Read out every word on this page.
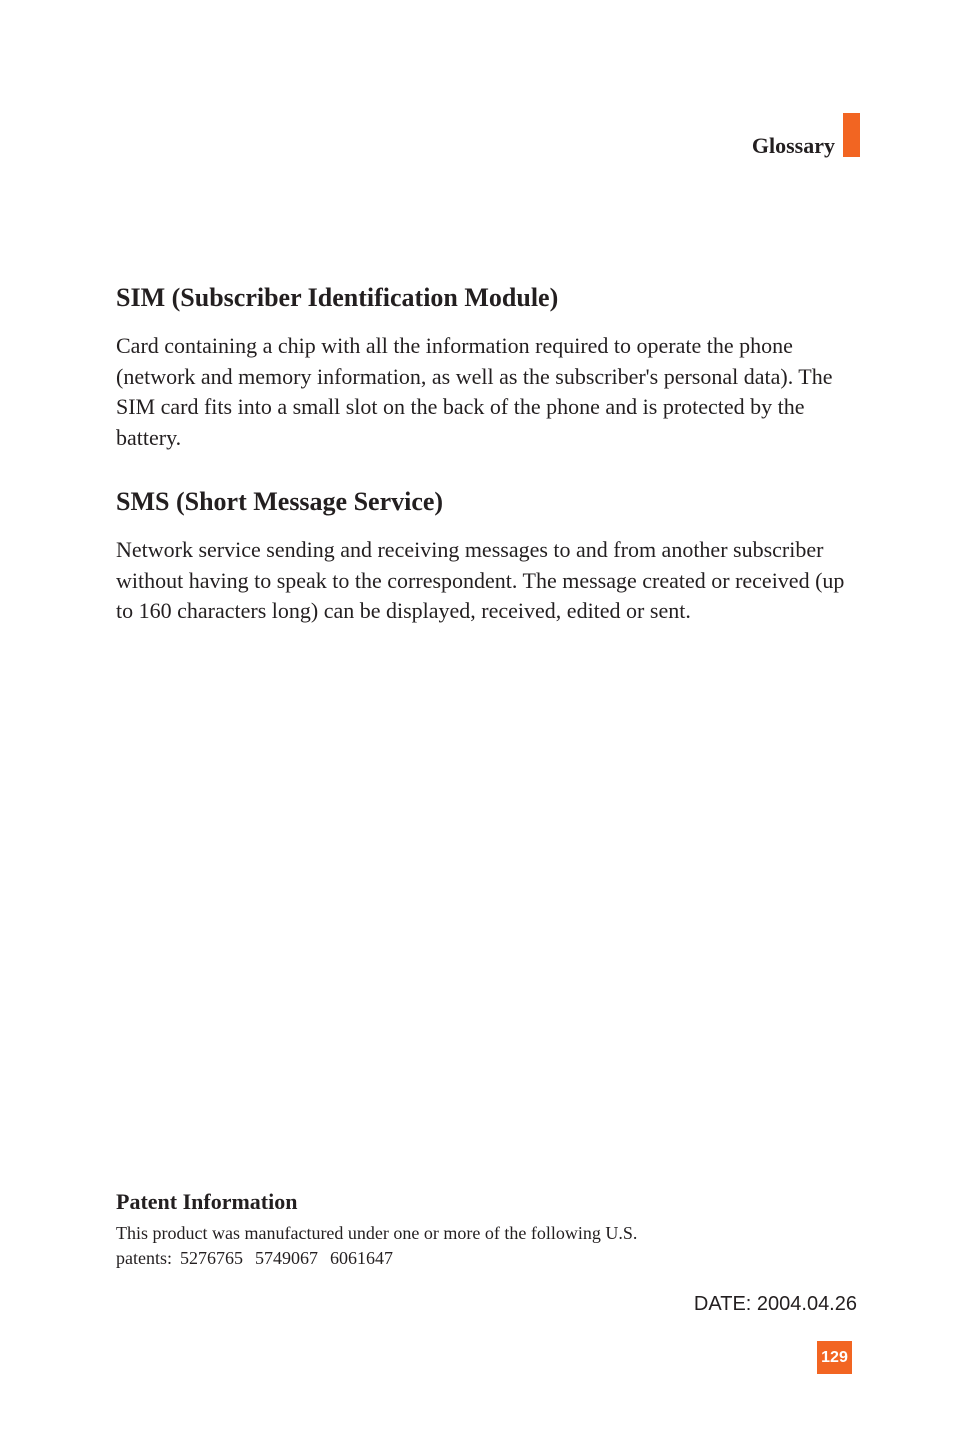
Glossary
SIM (Subscriber Identification Module)

Card containing a chip with all the information required to operate the phone (network and memory information, as well as the subscriber's personal data). The SIM card fits into a small slot on the back of the phone and is protected by the battery.

SMS (Short Message Service)

Network service sending and receiving messages to and from another subscriber without having to speak to the correspondent. The message created or received (up to 160 characters long) can be displayed, received, edited or sent.

Patent Information

This product was manufactured under one or more of the following U.S.
patents: 5276765 5749067 6061647

DATE: 2004.04.26
129
